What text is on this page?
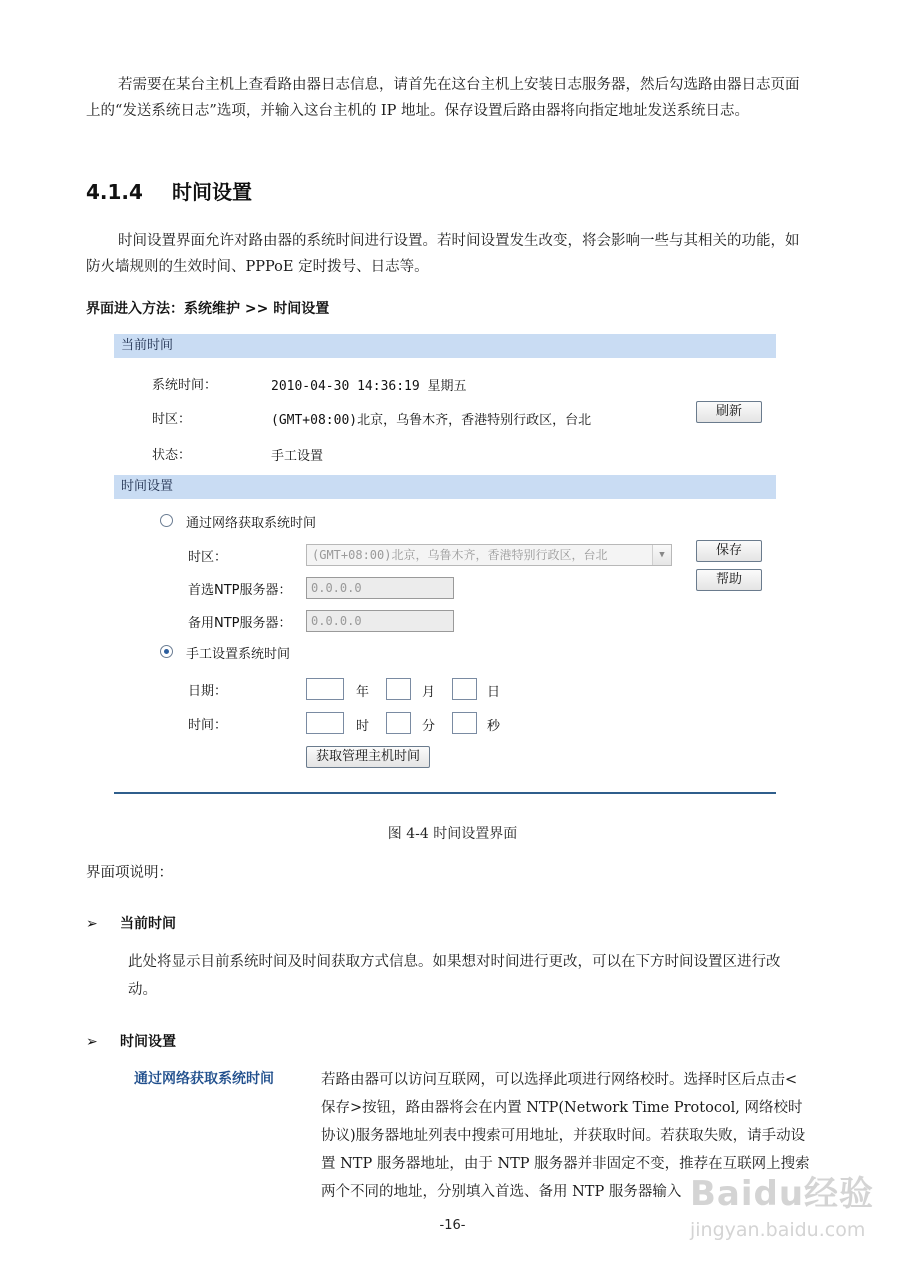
若需要在某台主机上查看路由器日志信息，请首先在这台主机上安装日志服务器，然后勾选路由器日志页面上的“发送系统日志”选项，并输入这台主机的 IP 地址。保存设置后路由器将向指定地址发送系统日志。
4.1.4 时间设置
时间设置界面允许对路由器的系统时间进行设置。若时间设置发生改变，将会影响一些与其相关的功能，如防火墙规则的生效时间、PPPoE 定时拨号、日志等。
界面进入方法：系统维护 >> 时间设置
当前时间
系统时间：	2010-04-30 14:36:19 星期五
时区：	(GMT+08:00)北京，乌鲁木齐，香港特别行政区，台北
刷新
状态：	手工设置
时间设置
通过网络获取系统时间
时区：	(GMT+08:00)北京，乌鲁木齐，香港特别行政区，台北	▼	保存
帮助
首选NTP服务器：
0.0.0.0
备用NTP服务器：
0.0.0.0
手工设置系统时间
日期：	年	月	日
时间：	时	分	秒
获取管理主机时间
图 4-4 时间设置界面
界面项说明：
➢ 当前时间
此处将显示目前系统时间及时间获取方式信息。如果想对时间进行更改，可以在下方时间设置区进行改动。
➢ 时间设置
通过网络获取系统时间	若路由器可以访问互联网，可以选择此项进行网络校时。选择时区后点击<保存>按钮，路由器将会在内置 NTP(Network Time Protocol, 网络校时协议)服务器地址列表中搜索可用地址，并获取时间。若获取失败，请手动设置 NTP 服务器地址，由于 NTP 服务器并非固定不变，推荐在互联网上搜索两个不同的地址，分别填入首选、备用 NTP 服务器输入
-16-
Baidu经验
jingyan.baidu.com
